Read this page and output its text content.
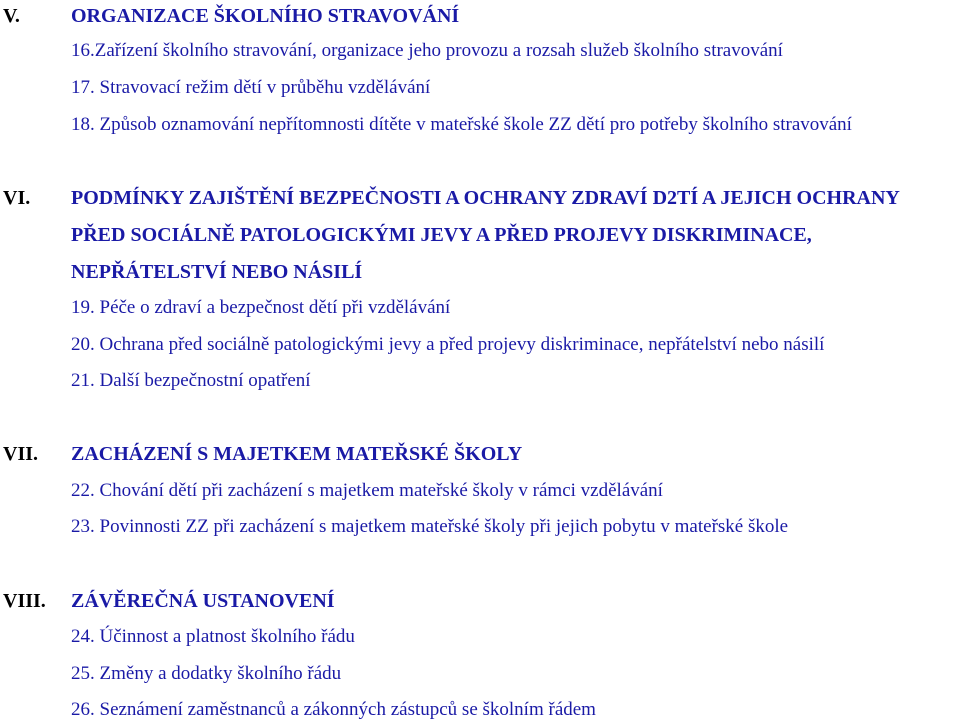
V.	ORGANIZACE ŠKOLNÍHO STRAVOVÁNÍ
16.Zařízení školního stravování, organizace jeho provozu a rozsah služeb školního stravování
17. Stravovací režim dětí v průběhu vzdělávání
18. Způsob oznamování nepřítomnosti dítěte v mateřské škole ZZ dětí pro potřeby školního stravování
VI. PODMÍNKY ZAJIŠTĚNÍ BEZPEČNOSTI A OCHRANY ZDRAVÍ D2TÍ A JEJICH OCHRANY
PŘED SOCIÁLNĚ PATOLOGICKÝMI JEVY A PŘED PROJEVY DISKRIMINACE,
NEPŘÁTELSTVÍ NEBO NÁSILÍ
19. Péče o zdraví a bezpečnost dětí při vzdělávání
20. Ochrana před sociálně patologickými jevy a před projevy diskriminace, nepřátelství nebo násilí
21. Další bezpečnostní opatření
VII. ZACHÁZENÍ S MAJETKEM MATEŘSKÉ ŠKOLY
22. Chování dětí při zacházení s majetkem mateřské školy v rámci vzdělávání
23. Povinnosti ZZ při zacházení s majetkem mateřské školy při jejich pobytu v mateřské škole
VIII. ZÁVĚREČNÁ USTANOVENÍ
24. Účinnost a platnost školního řádu
25. Změny a dodatky školního řádu
26. Seznámení zaměstnanců a zákonných zástupců se školním řádem
